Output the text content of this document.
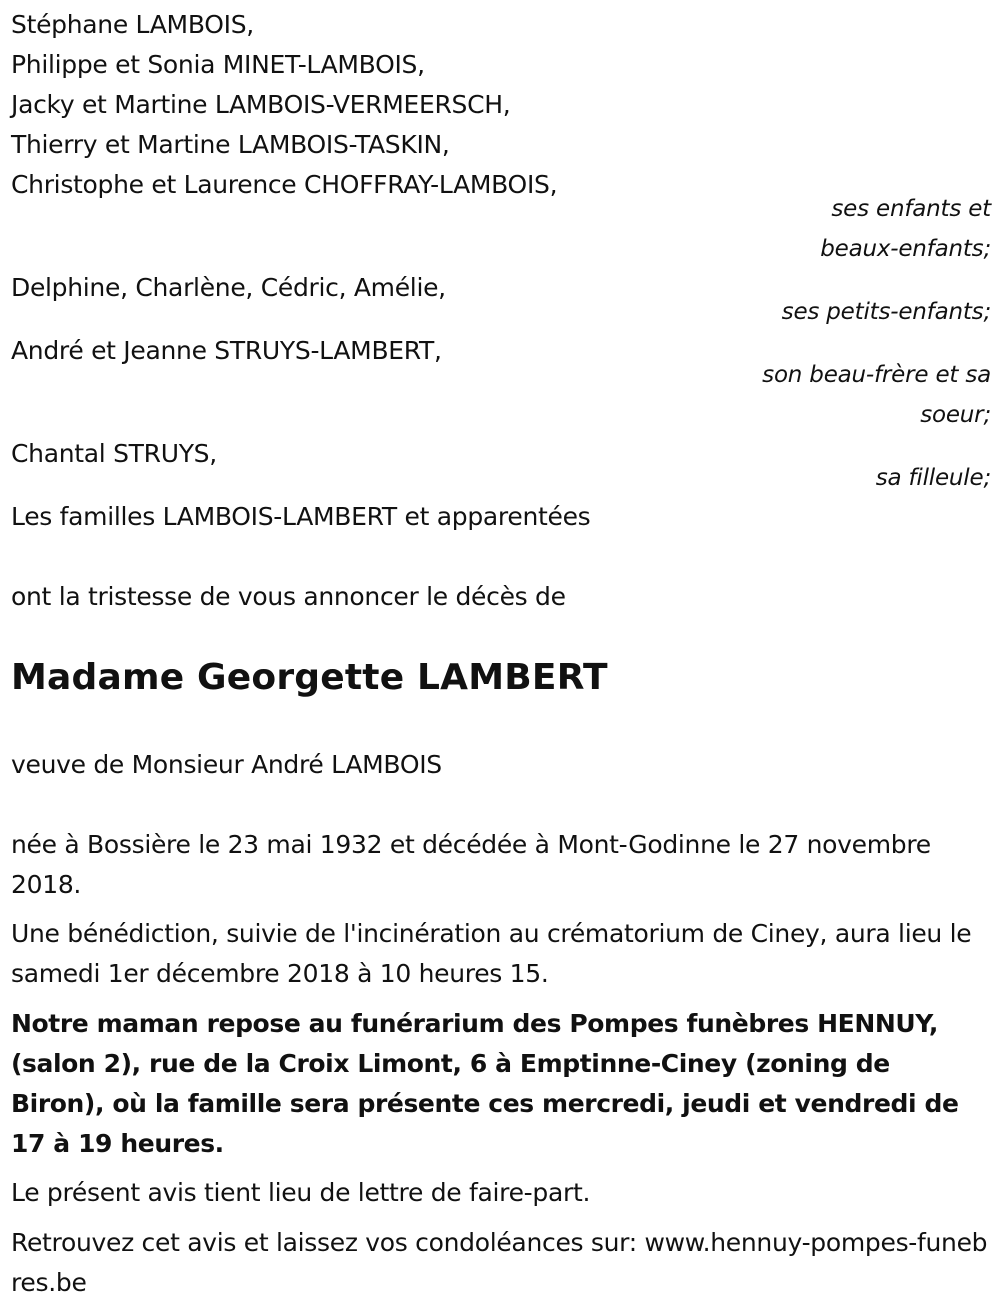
Stéphane LAMBOIS,
Philippe et Sonia MINET-LAMBOIS,
Jacky et Martine LAMBOIS-VERMEERSCH,
Thierry et Martine LAMBOIS-TASKIN,
Christophe et Laurence CHOFFRAY-LAMBOIS,
ses enfants et
beaux-enfants;
Delphine, Charlène, Cédric, Amélie,
ses petits-enfants;
André et Jeanne STRUYS-LAMBERT,
son beau-frère et sa
soeur;
Chantal STRUYS,
sa filleule;
Les familles LAMBOIS-LAMBERT et apparentées
ont la tristesse de vous annoncer le décès de
Madame Georgette LAMBERT
veuve de Monsieur André LAMBOIS
née à Bossière le 23 mai 1932 et décédée à Mont-Godinne le 27 novembre 2018.
Une bénédiction, suivie de l'incinération au crématorium de Ciney, aura lieu le samedi 1er décembre 2018 à 10 heures 15.
Notre maman repose au funérarium des Pompes funèbres HENNUY, (salon 2), rue de la Croix Limont, 6 à Emptinne-Ciney (zoning de Biron), où la famille sera présente ces mercredi, jeudi et vendredi de 17 à 19 heures.
Le présent avis tient lieu de lettre de faire-part.
Retrouvez cet avis et laissez vos condoléances sur: www.hennuy-pompes-funebres.be
